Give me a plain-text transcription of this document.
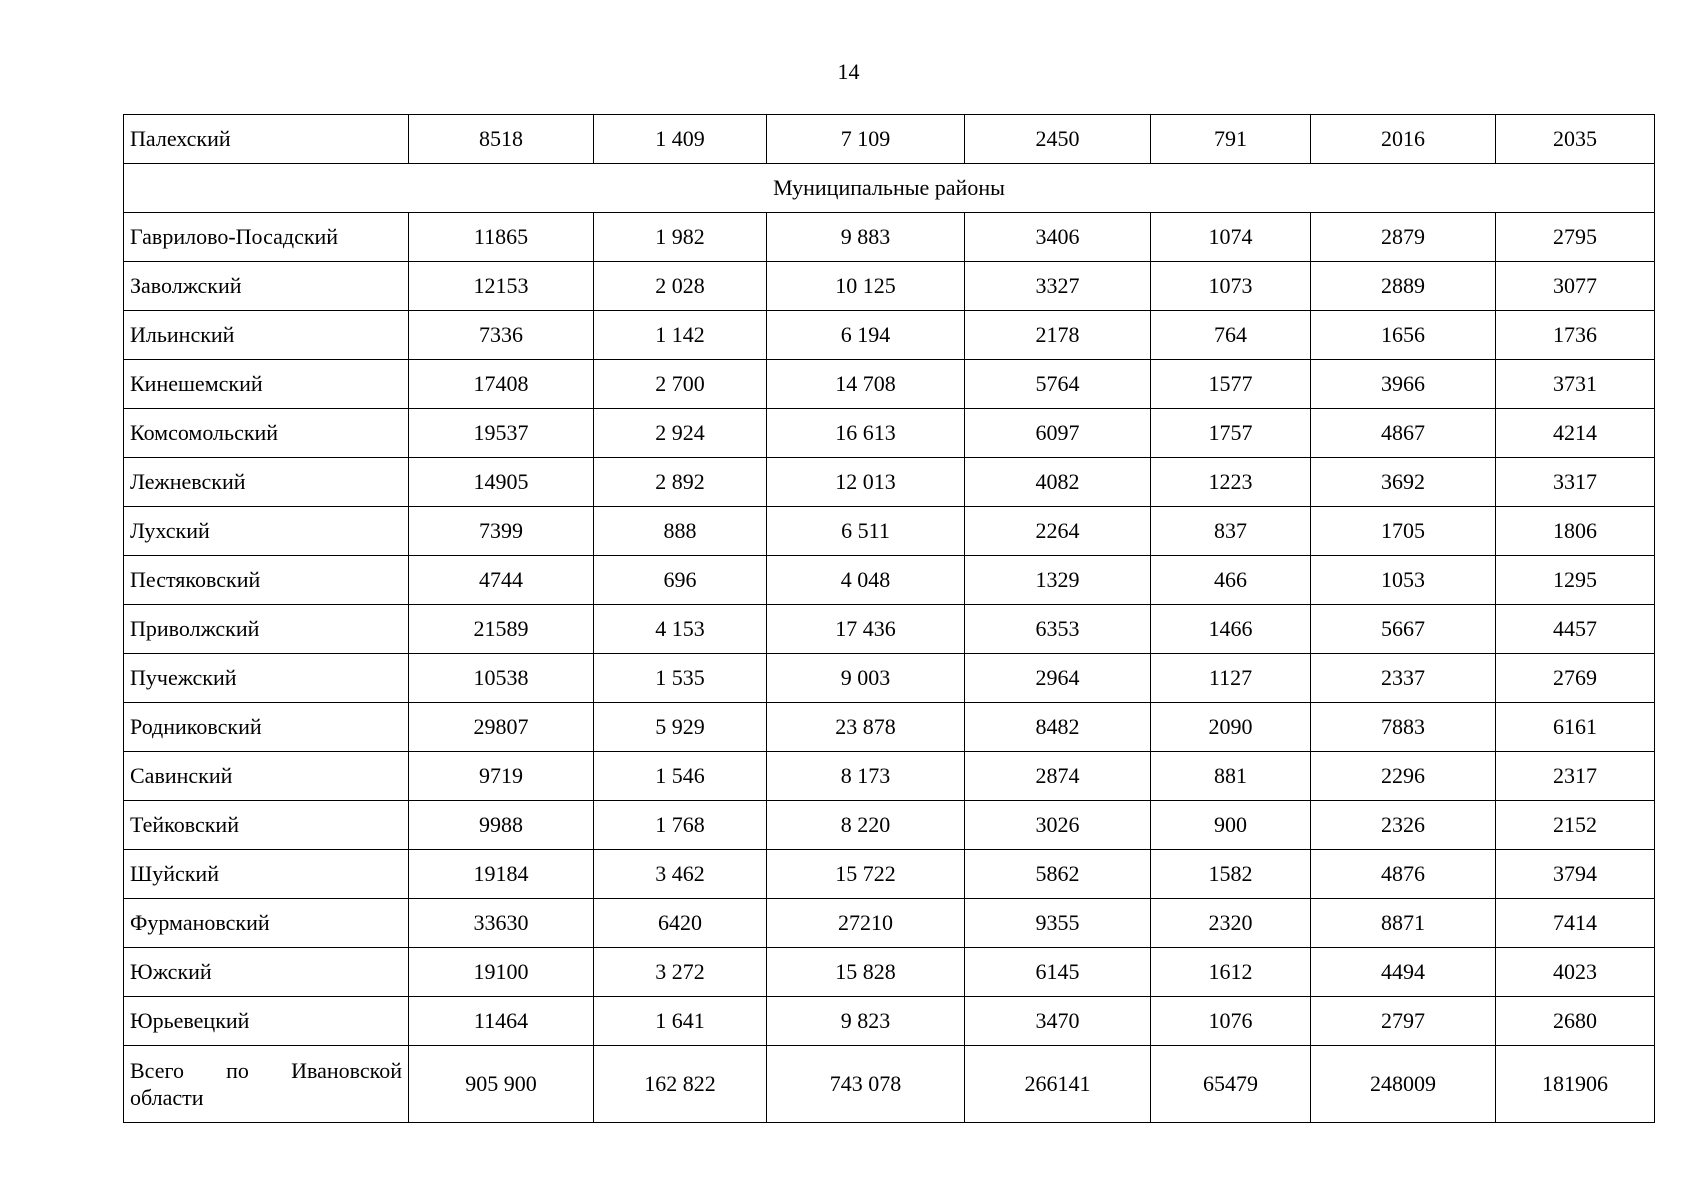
14
Палехский	8518	1 409	7 109	2450	791	2016	2035
Муниципальные районы							
Гаврилово-Посадский	11865	1 982	9 883	3406	1074	2879	2795
Заволжский	12153	2 028	10 125	3327	1073	2889	3077
Ильинский	7336	1 142	6 194	2178	764	1656	1736
Кинешемский	17408	2 700	14 708	5764	1577	3966	3731
Комсомольский	19537	2 924	16 613	6097	1757	4867	4214
Лежневский	14905	2 892	12 013	4082	1223	3692	3317
Лухский	7399	888	6 511	2264	837	1705	1806
Пестяковский	4744	696	4 048	1329	466	1053	1295
Приволжский	21589	4 153	17 436	6353	1466	5667	4457
Пучежский	10538	1 535	9 003	2964	1127	2337	2769
Родниковский	29807	5 929	23 878	8482	2090	7883	6161
Савинский	9719	1 546	8 173	2874	881	2296	2317
Тейковский	9988	1 768	8 220	3026	900	2326	2152
Шуйский	19184	3 462	15 722	5862	1582	4876	3794
Фурмановский	33630	6420	27210	9355	2320	8871	7414
Южский	19100	3 272	15 828	6145	1612	4494	4023
Юрьевецкий	11464	1 641	9 823	3470	1076	2797	2680
Всего по Ивановской области	905 900	162 822	743 078	266141	65479	248009	181906
